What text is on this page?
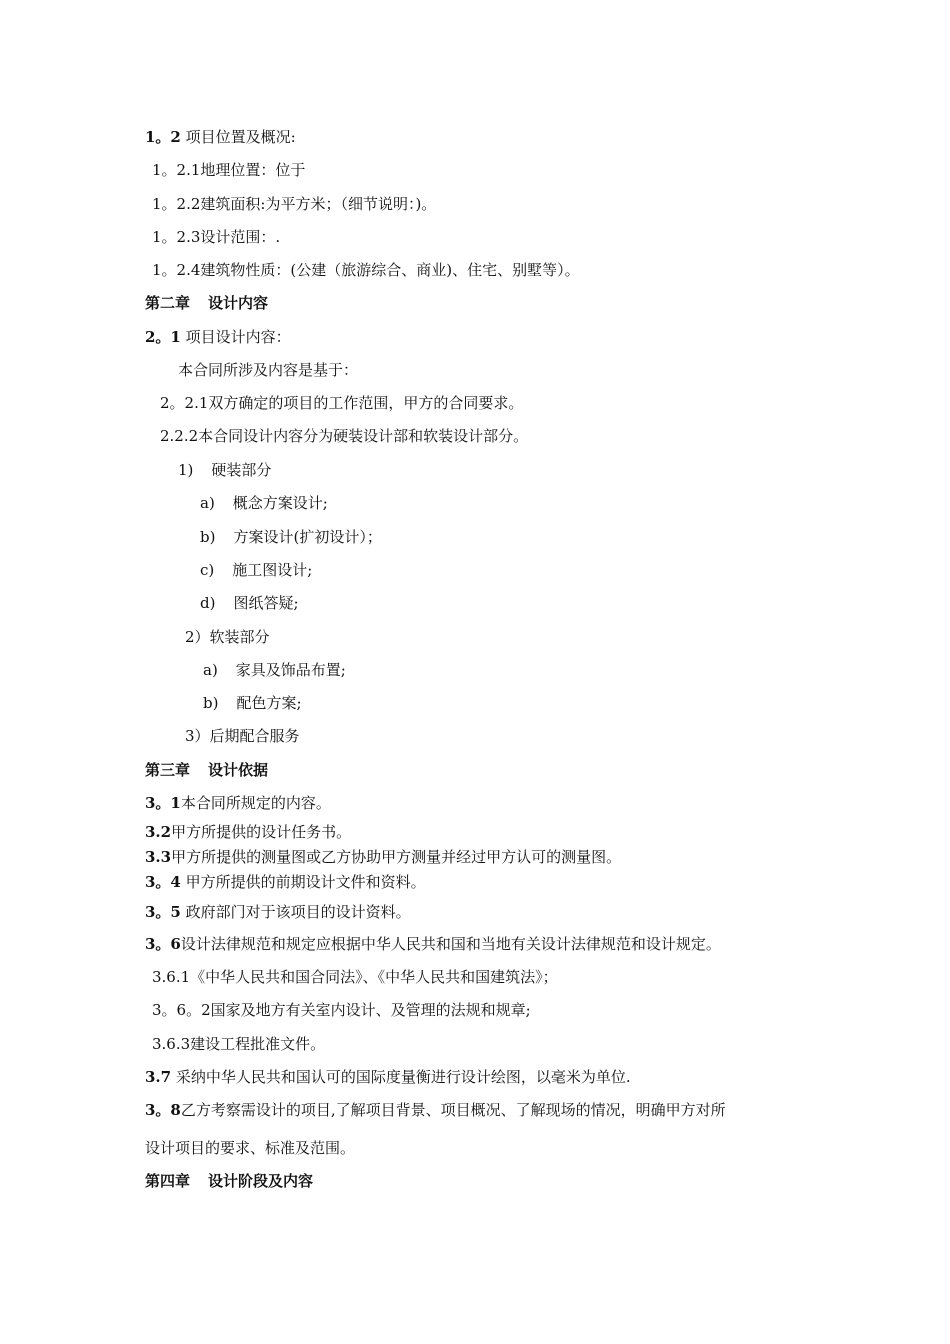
1。2 项目位置及概况:
1。2.1地理位置：位于
1。2.2建筑面积:为平方米；（细节说明：)。
1。2.3设计范围：.
1。2.4建筑物性质：(公建（旅游综合、商业)、住宅、别墅等）。
第二章 设计内容
2。1 项目设计内容：
本合同所涉及内容是基于：
2。2.1双方确定的项目的工作范围，甲方的合同要求。
2.2.2本合同设计内容分为硬装设计部和软装设计部分。
1) 硬装部分
a) 概念方案设计;
b) 方案设计(扩初设计）；
c) 施工图设计;
d) 图纸答疑;
2）软装部分
a) 家具及饰品布置;
b) 配色方案;
3）后期配合服务
第三章 设计依据
3。1本合同所规定的内容。
3.2甲方所提供的设计任务书。
3.3甲方所提供的测量图或乙方协助甲方测量并经过甲方认可的测量图。
3。4 甲方所提供的前期设计文件和资料。
3。5 政府部门对于该项目的设计资料。
3。6设计法律规范和规定应根据中华人民共和国和当地有关设计法律规范和设计规定。
3.6.1《中华人民共和国合同法》、《中华人民共和国建筑法》；
3。6。2国家及地方有关室内设计、及管理的法规和规章;
3.6.3建设工程批准文件。
3.7 采纳中华人民共和国认可的国际度量衡进行设计绘图，以毫米为单位.
3。8乙方考察需设计的项目,了解项目背景、项目概况、了解现场的情况，明确甲方对所
设计项目的要求、标准及范围。
第四章 设计阶段及内容
